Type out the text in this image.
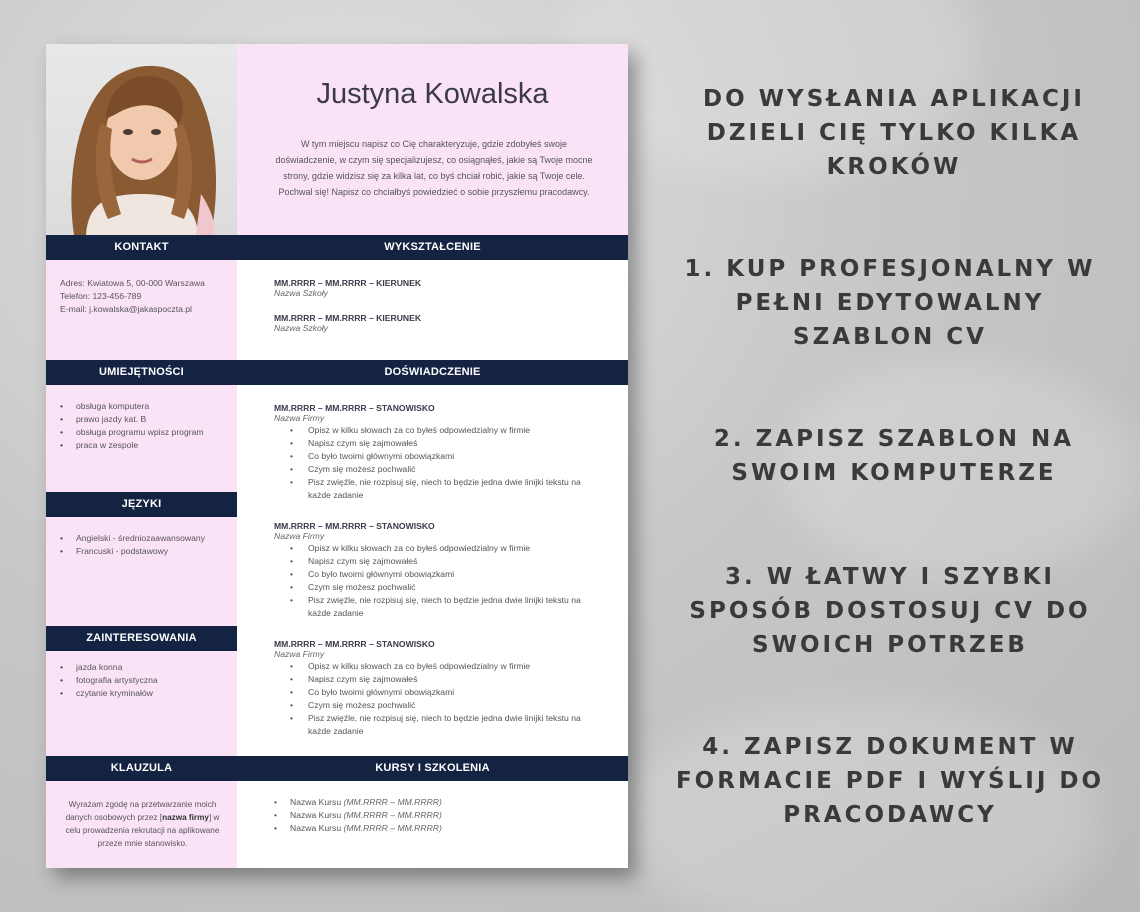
Justyna Kowalska
W tym miejscu napisz co Cię charakteryzuje, gdzie zdobyłeś swoje doświadczenie, w czym się specjalizujesz, co osiągnąłeś, jakie są Twoje mocne strony, gdzie widzisz się za kilka lat, co byś chciał robić, jakie są Twoje cele. Pochwal się! Napisz co chciałbyś powiedzieć o sobie przyszłemu pracodawcy.
KONTAKT	WYKSZTAŁCENIE
Adres: Kwiatowa 5, 00-000 Warszawa
Telefon: 123-456-789
E-mail: j.kowalska@jakaspoczta.pl
MM.RRRR – MM.RRRR – KIERUNEK
Nazwa Szkoły
MM.RRRR – MM.RRRR – KIERUNEK
Nazwa Szkoły
UMIEJĘTNOŚCI	DOŚWIADCZENIE
• obsługa komputera
• prawo jazdy kat. B
• obsługa programu wpisz program
• praca w zespole
JĘZYKI
• Angielski - średniozaawansowany
• Francuski - podstawowy
ZAINTERESOWANIA
• jazda konna
• fotografia artystyczna
• czytanie kryminałów
MM.RRRR – MM.RRRR – STANOWISKO
Nazwa Firmy
• Opisz w kilku słowach za co byłeś odpowiedzialny w firmie
• Napisz czym się zajmowałeś
• Co było twoimi głównymi obowiązkami
• Czym się możesz pochwalić
• Pisz zwięźle, nie rozpisuj się, niech to będzie jedna dwie linijki tekstu na każde zadanie
MM.RRRR – MM.RRRR – STANOWISKO
Nazwa Firmy
• Opisz w kilku słowach za co byłeś odpowiedzialny w firmie
• Napisz czym się zajmowałeś
• Co było twoimi głównymi obowiązkami
• Czym się możesz pochwalić
• Pisz zwięźle, nie rozpisuj się, niech to będzie jedna dwie linijki tekstu na każde zadanie
MM.RRRR – MM.RRRR – STANOWISKO
Nazwa Firmy
• Opisz w kilku słowach za co byłeś odpowiedzialny w firmie
• Napisz czym się zajmowałeś
• Co było twoimi głównymi obowiązkami
• Czym się możesz pochwalić
• Pisz zwięźle, nie rozpisuj się, niech to będzie jedna dwie linijki tekstu na każde zadanie
KLAUZULA	KURSY I SZKOLENIA
Wyrażam zgodę na przetwarzanie moich danych osobowych przez [nazwa firmy] w celu prowadzenia rekrutacji na aplikowane przeze mnie stanowisko.
• Nazwa Kursu (MM.RRRR – MM.RRRR)
• Nazwa Kursu (MM.RRRR – MM.RRRR)
• Nazwa Kursu (MM.RRRR – MM.RRRR)
DO WYSŁANIA APLIKACJI DZIELI CIĘ TYLKO KILKA KROKÓW
1. KUP PROFESJONALNY W PEŁNI EDYTOWALNY SZABLON CV
2. ZAPISZ SZABLON NA SWOIM KOMPUTERZE
3. W ŁATWY I SZYBKI SPOSÓB DOSTOSUJ CV DO SWOICH POTRZEB
4. ZAPISZ DOKUMENT W FORMACIE PDF I WYŚLIJ DO PRACODAWCY
